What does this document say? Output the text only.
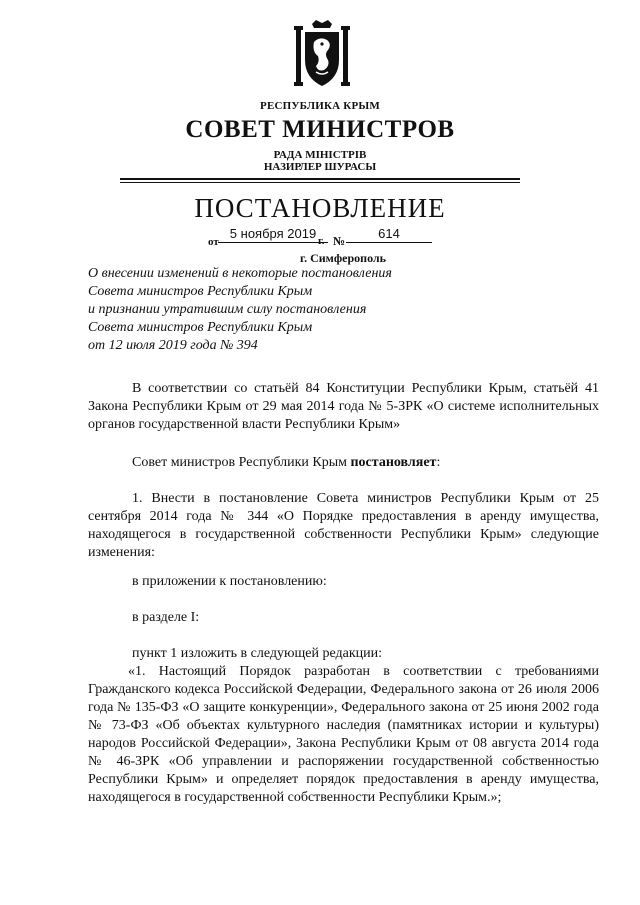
РЕСПУБЛИКА КРЫМ
СОВЕТ МИНИСТРОВ
РАДА МІНІСТРІВ
НАЗИРЛЕР ШУРАСЫ
ПОСТАНОВЛЕНИЕ
от
5 ноября 2019 г. №	614
г. Симферополь
О внесении изменений в некоторые постановления
Совета министров Республики Крым
и признании утратившим силу постановления
Совета министров Республики Крым
от 12 июля 2019 года № 394
В соответствии со статьёй 84 Конституции Республики Крым, статьёй 41 Закона Республики Крым от 29 мая 2014 года № 5-ЗРК «О системе исполнительных органов государственной власти Республики Крым»
Совет министров Республики Крым постановляет:
1. Внести в постановление Совета министров Республики Крым от 25 сентября 2014 года № 344 «О Порядке предоставления в аренду имущества, находящегося в государственной собственности Республики Крым» следующие изменения:
в приложении к постановлению:
в разделе I:
пункт 1 изложить в следующей редакции:
«1. Настоящий Порядок разработан в соответствии с требованиями Гражданского кодекса Российской Федерации, Федерального закона от 26 июля 2006 года № 135-ФЗ «О защите конкуренции», Федерального закона от 25 июня 2002 года № 73-ФЗ «Об объектах культурного наследия (памятниках истории и культуры) народов Российской Федерации», Закона Республики Крым от 08 августа 2014 года № 46-ЗРК «Об управлении и распоряжении государственной собственностью Республики Крым» и определяет порядок предоставления в аренду имущества, находящегося в государственной собственности Республики Крым.»;
